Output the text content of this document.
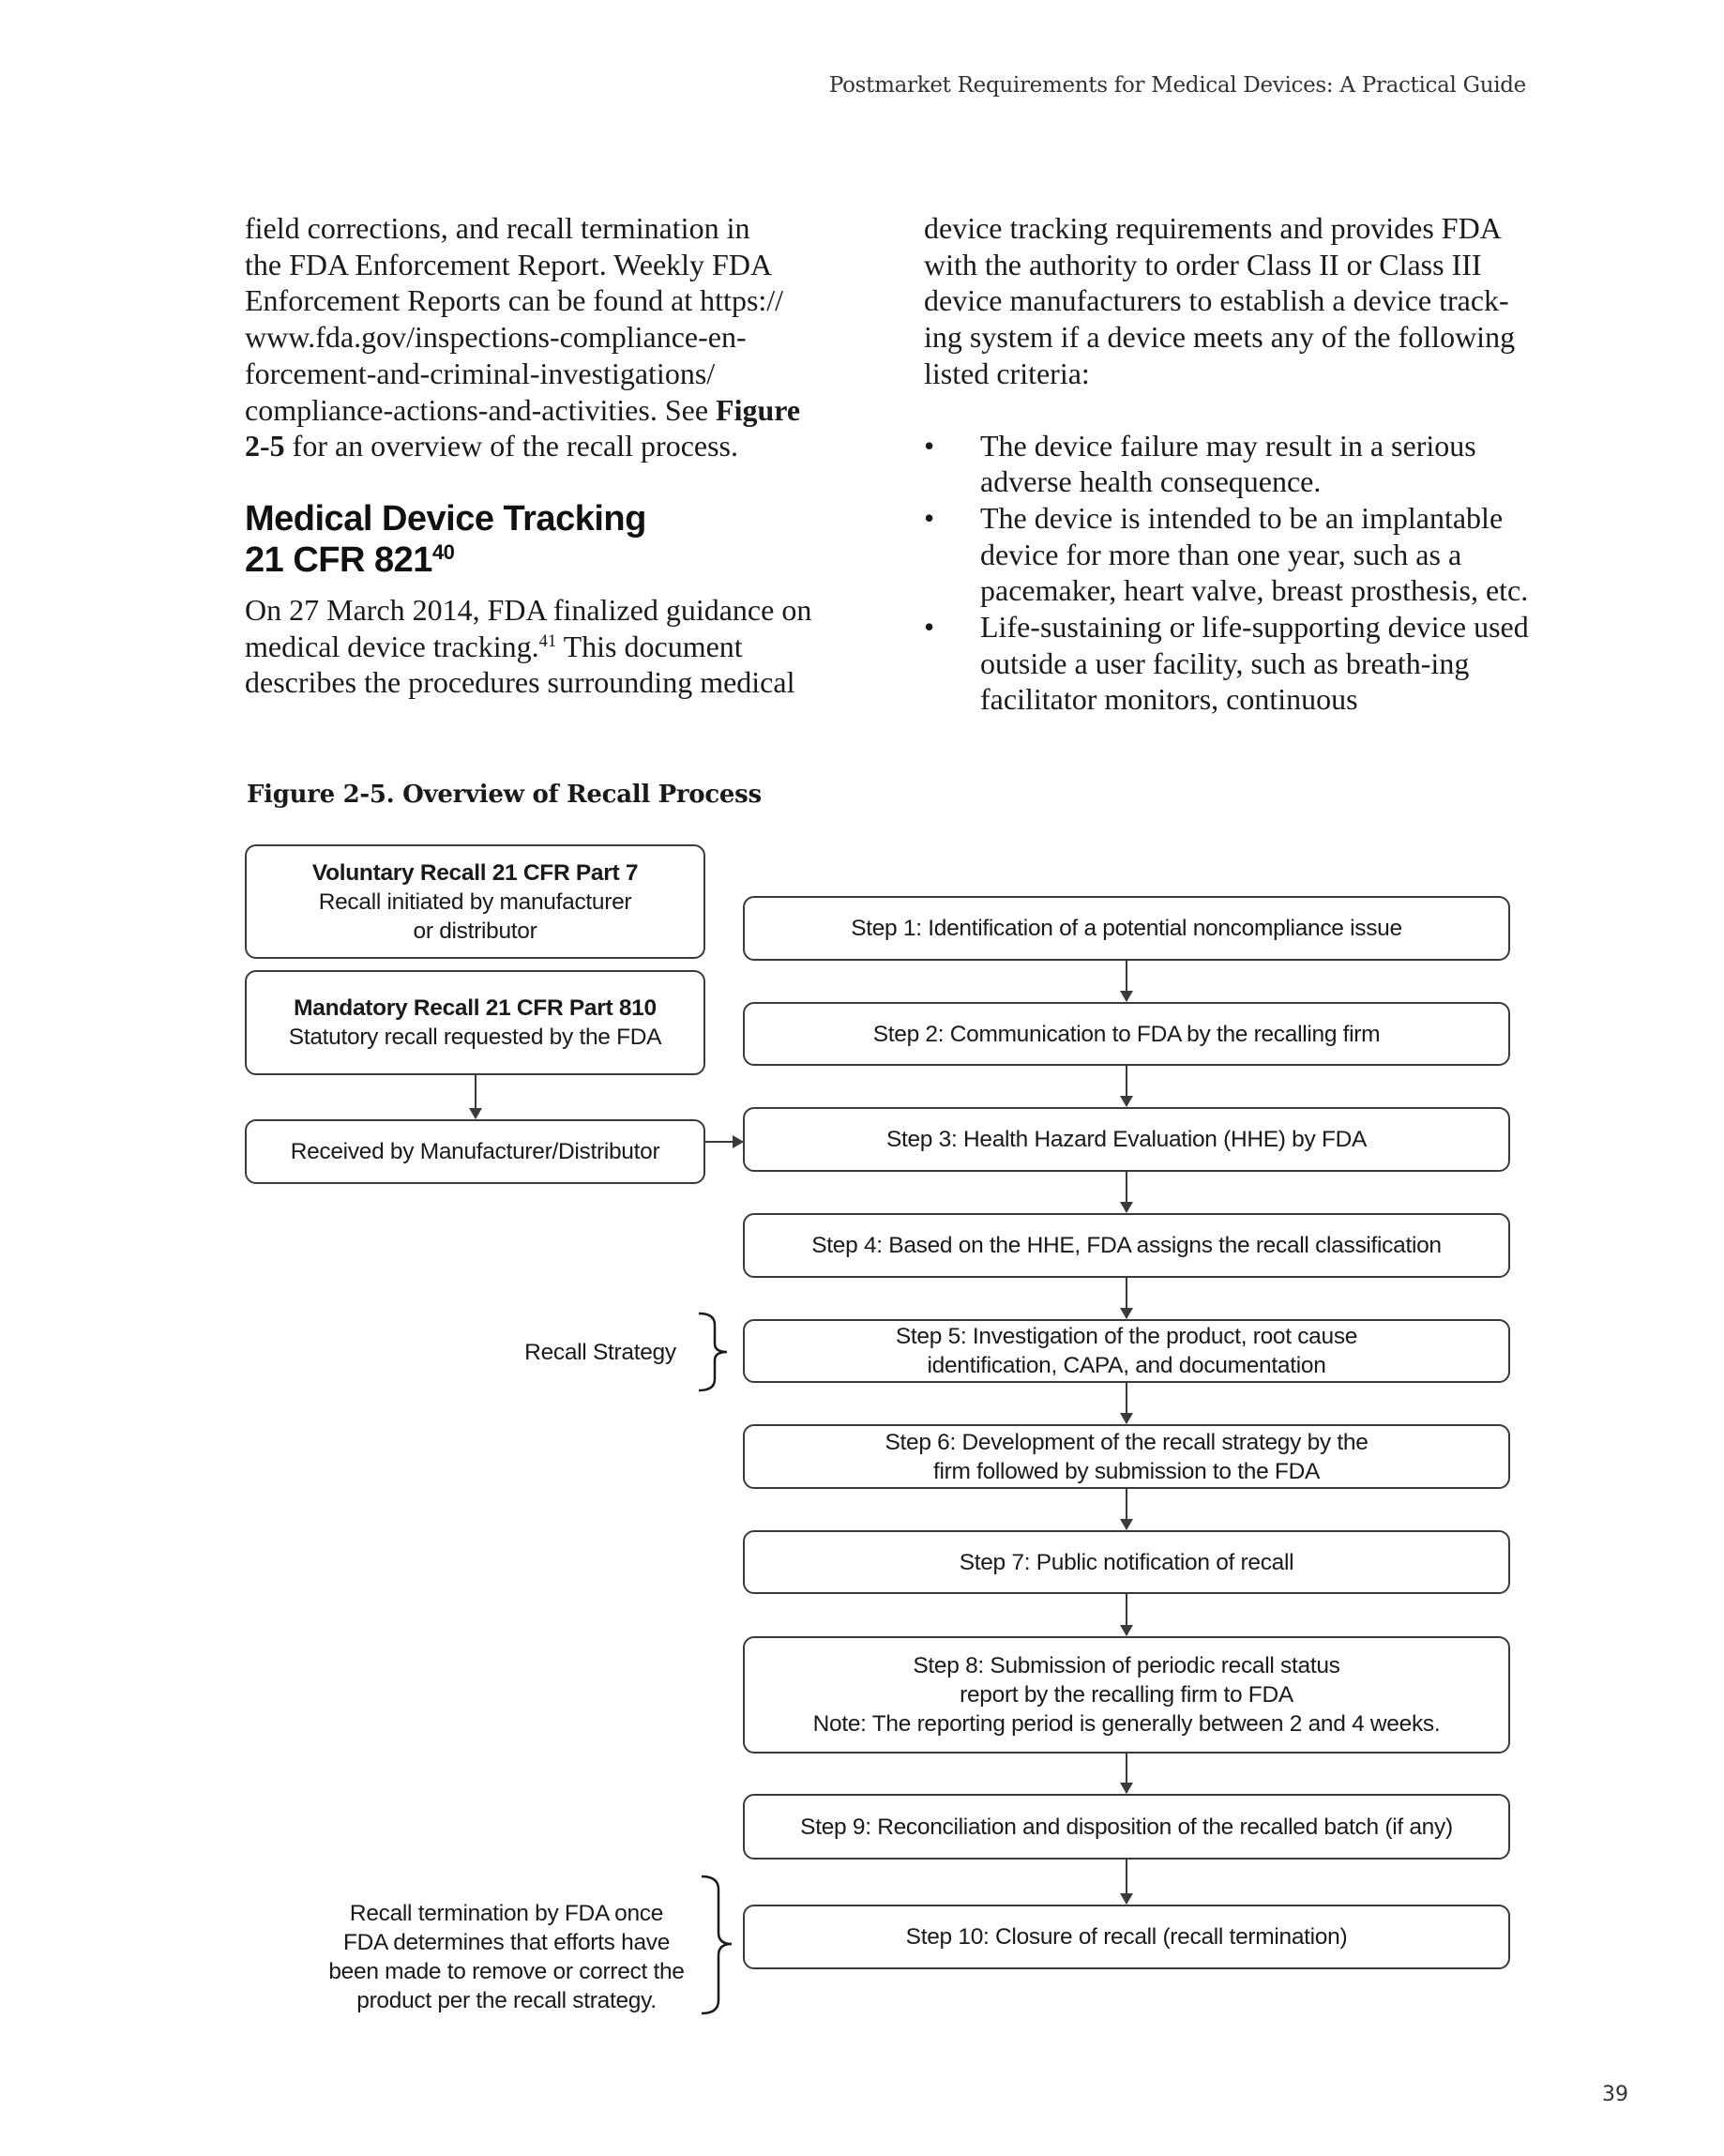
Postmarket Requirements for Medical Devices: A Practical Guide

field corrections, and recall termination in
the FDA Enforcement Report. Weekly FDA
Enforcement Reports can be found at https://
www.fda.gov/inspections-compliance-en-
forcement-and-criminal-investigations/
compliance-actions-and-activities. See Figure
2-5 for an overview of the recall process.

Medical Device Tracking
21 CFR $821^{40}$

On 27 March 2014, FDA finalized guidance on medical device tracking.$^{41}$ This document describes the procedures surrounding medical

device tracking requirements and provides FDA with the authority to order Class II or Class III device manufacturers to establish a device track-ing system if a device meets any of the following listed criteria:

• The device failure may result in a serious adverse health consequence.
• The device is intended to be an implantable device for more than one year, such as a pacemaker, heart valve, breast prosthesis, etc.
• Life-sustaining or life-supporting device used outside a user facility, such as breath-ing facilitator monitors, continuous
Figure 2-5. Overview of Recall Process
Voluntary Recall 21 CFR Part 7
Recall initiated by manufacturer
or distributor
Mandatory Recall 21 CFR Part 810
Statutory recall requested by the FDA
Received by Manufacturer/Distributor
Step 1: Identification of a potential noncompliance issue
Step 2: Communication to FDA by the recalling firm
Step 3: Health Hazard Evaluation (HHE) by FDA
Step 4: Based on the HHE, FDA assigns the recall classification
Step 5: Investigation of the product, root cause
identification, CAPA, and documentation
Step 6: Development of the recall strategy by the
firm followed by submission to the FDA
Step 7: Public notification of recall
Step 8: Submission of periodic recall status
report by the recalling firm to FDA
Note: The reporting period is generally between 2 and 4 weeks.
Step 9: Reconciliation and disposition of the recalled batch (if any)
Step 10: Closure of recall (recall termination)
Recall Strategy
Recall termination by FDA once
FDA determines that efforts have
been made to remove or correct the
product per the recall strategy.
39
